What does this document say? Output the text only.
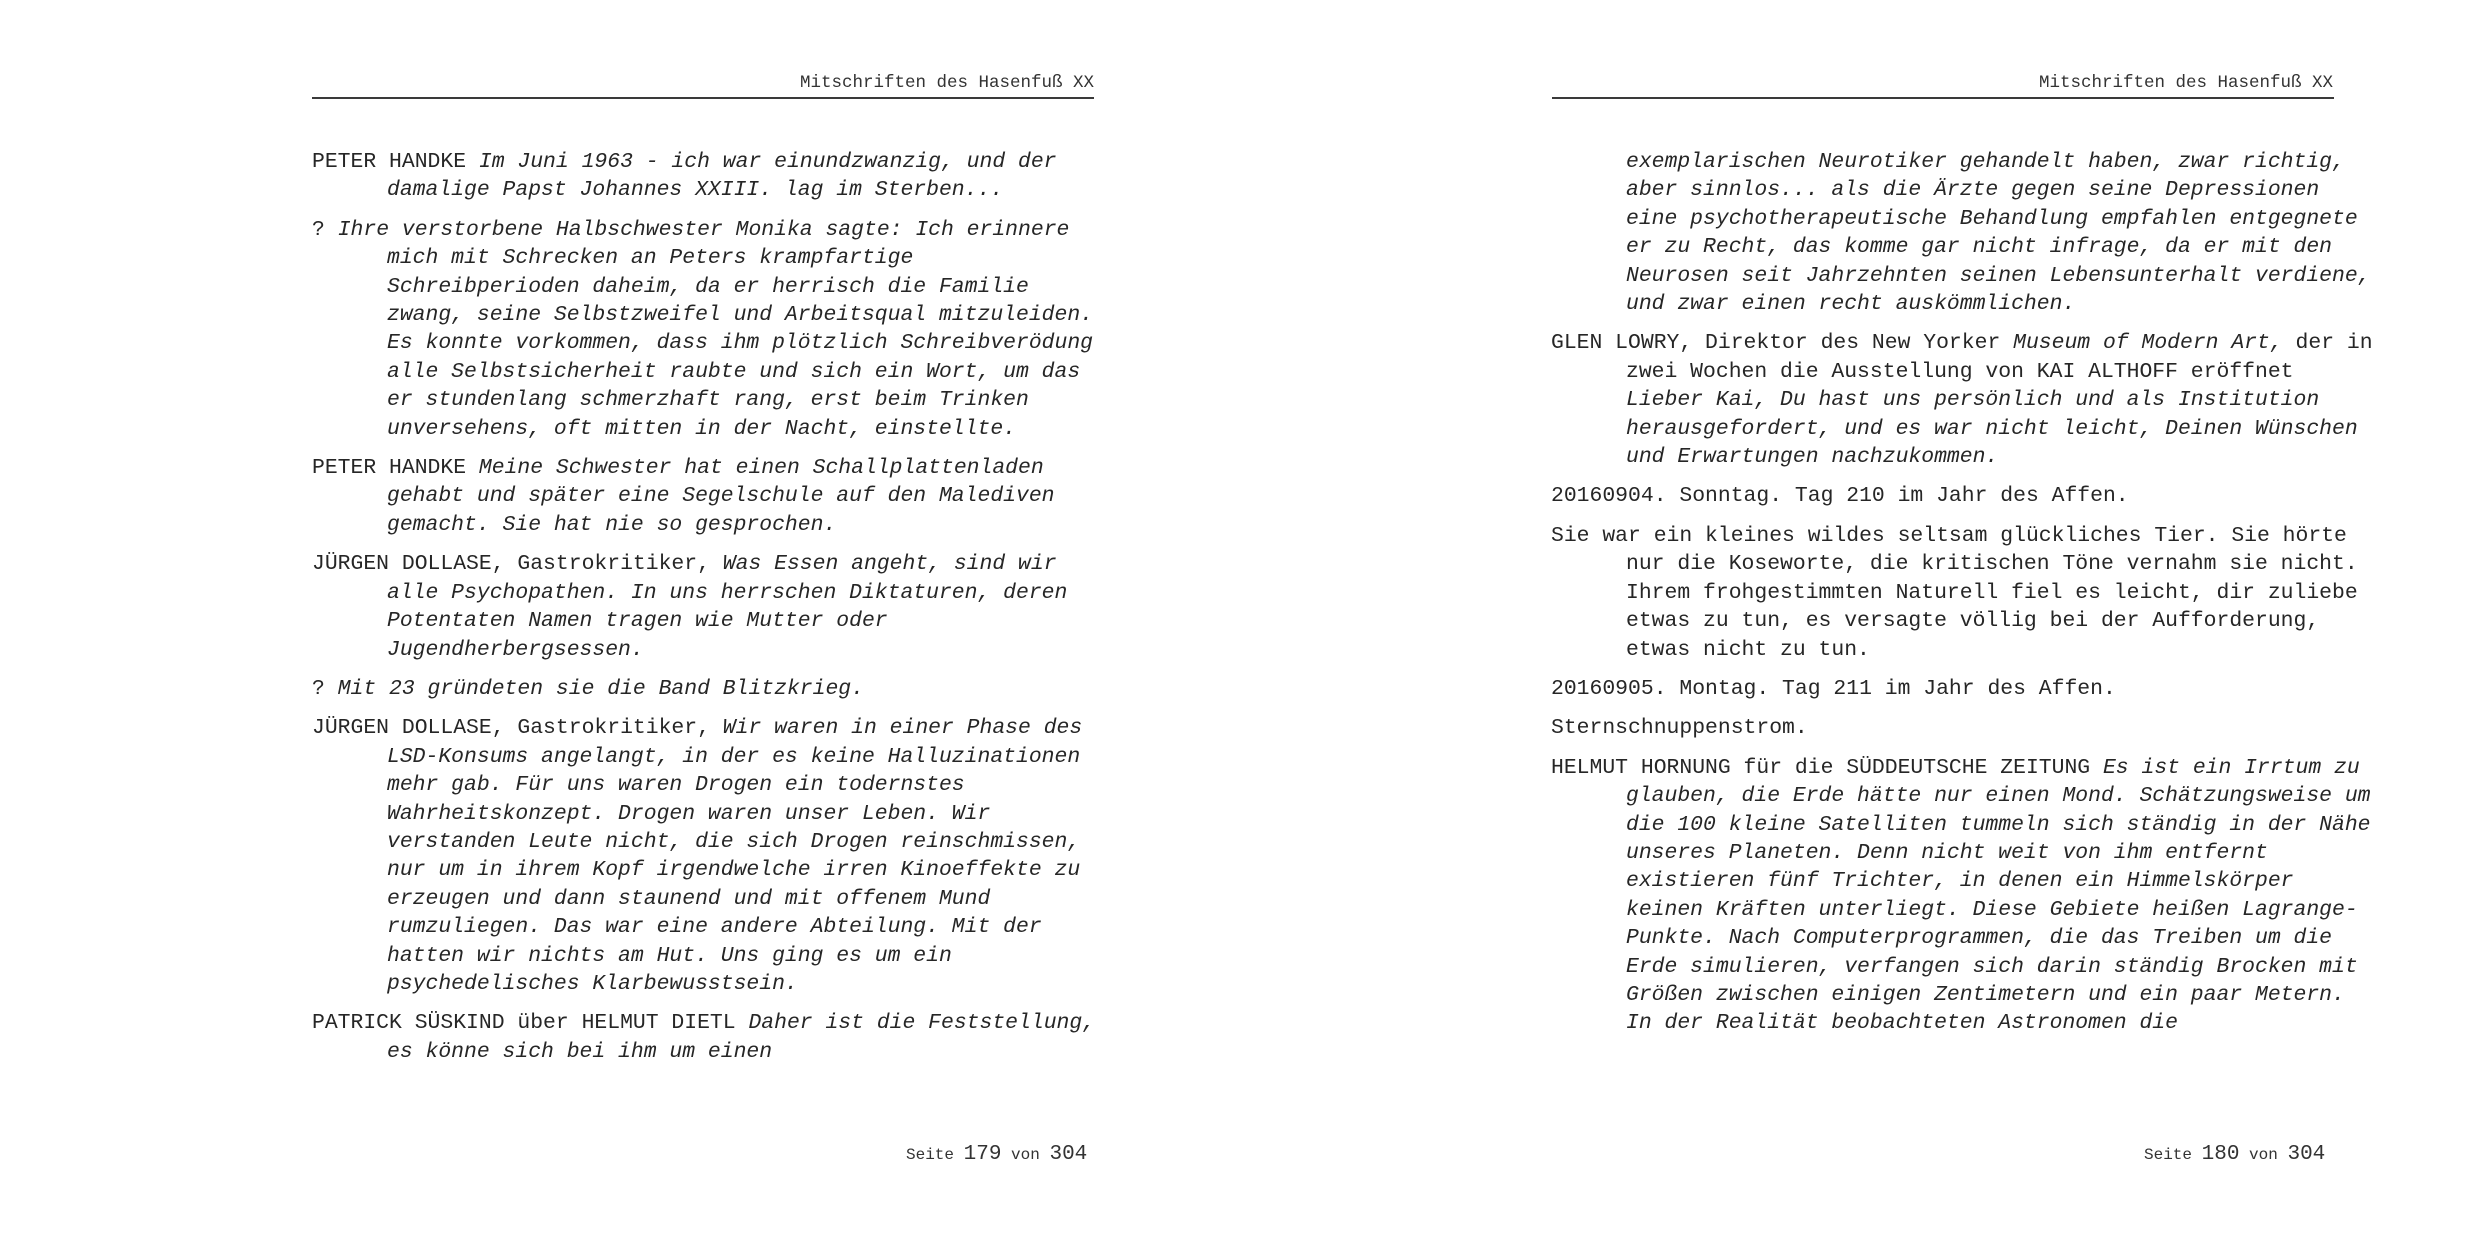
Mitschriften des Hasenfuß XX

PETER HANDKE Im Juni 1963 - ich war einundzwanzig, und der damalige Papst Johannes XXIII. lag im Sterben...

? Ihre verstorbene Halbschwester Monika sagte: Ich erinnere mich mit Schrecken an Peters krampfartige Schreibperioden daheim, da er herrisch die Familie zwang, seine Selbstzweifel und Arbeitsqual mitzuleiden. Es konnte vorkommen, dass ihm plötzlich Schreibverödung alle Selbstsicherheit raubte und sich ein Wort, um das er stundenlang schmerzhaft rang, erst beim Trinken unversehens, oft mitten in der Nacht, einstellte.

PETER HANDKE Meine Schwester hat einen Schallplattenladen gehabt und später eine Segelschule auf den Malediven gemacht. Sie hat nie so gesprochen.

JÜRGEN DOLLASE, Gastrokritiker, Was Essen angeht, sind wir alle Psychopathen. In uns herrschen Diktaturen, deren Potentaten Namen tragen wie Mutter oder Jugendherbergsessen.

? Mit 23 gründeten sie die Band Blitzkrieg.

JÜRGEN DOLLASE, Gastrokritiker, Wir waren in einer Phase des LSD-Konsums angelangt, in der es keine Halluzinationen mehr gab. Für uns waren Drogen ein todernstes Wahrheitskonzept. Drogen waren unser Leben. Wir verstanden Leute nicht, die sich Drogen reinschmissen, nur um in ihrem Kopf irgendwelche irren Kinoeffekte zu erzeugen und dann staunend und mit offenem Mund rumzuliegen. Das war eine andere Abteilung. Mit der hatten wir nichts am Hut. Uns ging es um ein psychedelisches Klarbewusstsein.

PATRICK SÜSKIND über HELMUT DIETL Daher ist die Feststellung, es könne sich bei ihm um einen

Seite 179 von 304
Mitschriften des Hasenfuß XX

exemplarischen Neurotiker gehandelt haben, zwar richtig, aber sinnlos... als die Ärzte gegen seine Depressionen eine psychotherapeutische Behandlung empfahlen entgegnete er zu Recht, das komme gar nicht infrage, da er mit den Neurosen seit Jahrzehnten seinen Lebensunterhalt verdiene, und zwar einen recht auskömmlichen.

GLEN LOWRY, Direktor des New Yorker Museum of Modern Art, der in zwei Wochen die Ausstellung von KAI ALTHOFF eröffnet Lieber Kai, Du hast uns persönlich und als Institution herausgefordert, und es war nicht leicht, Deinen Wünschen und Erwartungen nachzukommen.

20160904. Sonntag. Tag 210 im Jahr des Affen.

Sie war ein kleines wildes seltsam glückliches Tier. Sie hörte nur die Koseworte, die kritischen Töne vernahm sie nicht. Ihrem frohgestimmten Naturell fiel es leicht, dir zuliebe etwas zu tun, es versagte völlig bei der Aufforderung, etwas nicht zu tun.

20160905. Montag. Tag 211 im Jahr des Affen.

Sternschnuppenstrom.

HELMUT HORNUNG für die SÜDDEUTSCHE ZEITUNG Es ist ein Irrtum zu glauben, die Erde hätte nur einen Mond. Schätzungsweise um die 100 kleine Satelliten tummeln sich ständig in der Nähe unseres Planeten. Denn nicht weit von ihm entfernt existieren fünf Trichter, in denen ein Himmelskörper keinen Kräften unterliegt. Diese Gebiete heißen Lagrange-Punkte. Nach Computerprogrammen, die das Treiben um die Erde simulieren, verfangen sich darin ständig Brocken mit Größen zwischen einigen Zentimetern und ein paar Metern. In der Realität beobachteten Astronomen die

Seite 180 von 304
